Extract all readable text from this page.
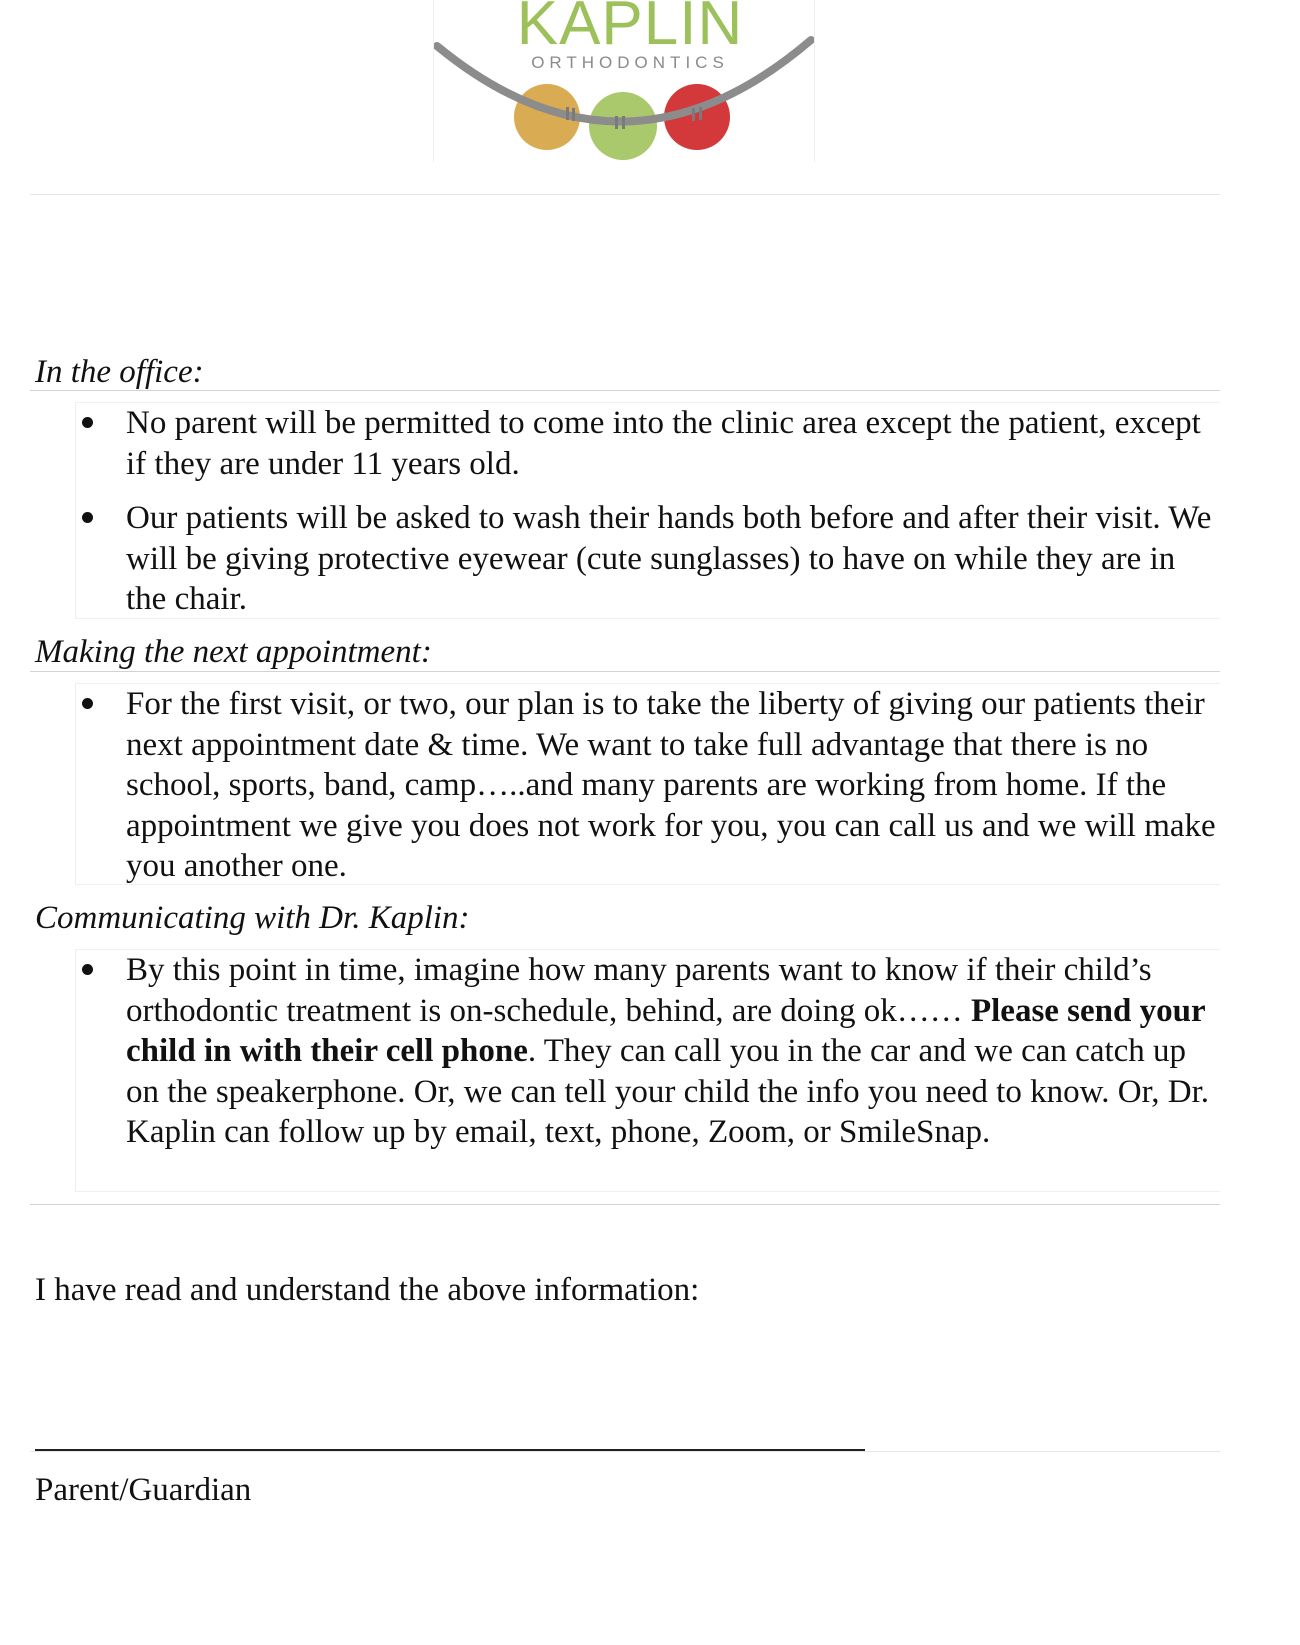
KAPLIN
ORTHODONTICS

In the office:

No parent will be permitted to come into the clinic area except the patient, except if they are under 11 years old.
Our patients will be asked to wash their hands both before and after their visit. We will be giving protective eyewear (cute sunglasses) to have on while they are in the chair.

Making the next appointment:

For the first visit, or two, our plan is to take the liberty of giving our patients their next appointment date & time. We want to take full advantage that there is no school, sports, band, camp…..and many parents are working from home. If the appointment we give you does not work for you, you can call us and we will make you another one.

Communicating with Dr. Kaplin:

By this point in time, imagine how many parents want to know if their child’s orthodontic treatment is on-schedule, behind, are doing ok…… Please send your child in with their cell phone. They can call you in the car and we can catch up on the speakerphone. Or, we can tell your child the info you need to know. Or, Dr. Kaplin can follow up by email, text, phone, Zoom, or SmileSnap.

I have read and understand the above information:

Parent/Guardian
